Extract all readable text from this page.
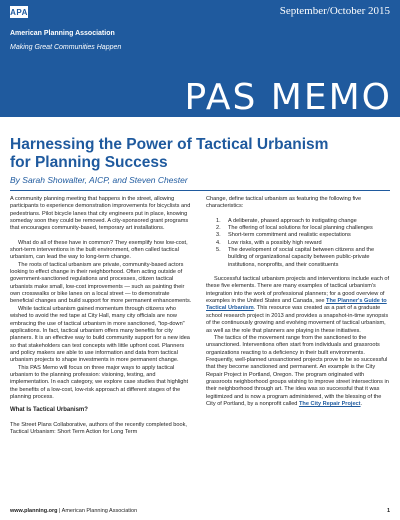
APA	September/October 2015
American Planning Association
Making Great Communities Happen
PAS MEMO
Harnessing the Power of Tactical Urbanism
for Planning Success
By Sarah Showalter, AICP, and Steven Chester

A community planning meeting that happens in the street, allowing participants to experience demonstration improvements for bicyclists and pedestrians. Pilot bicycle lanes that city engineers put in place, knowing someday soon they could be removed. A city-sponsored grant programs that encourages community-based, temporary art installations.

What do all of these have in common? They exemplify how low-cost, short-term interventions in the built environment, often called tactical urbanism, can lead the way to long-term change.

The roots of tactical urbanism are private, community-based actors looking to effect change in their neighborhood. Often acting outside of government-sanctioned regulations and processes, citizen tactical urbanists make small, low-cost improvements — such as painting their own crosswalks or bike lanes on a local street — to demonstrate beneficial changes and build support for more permanent enhancements.

While tactical urbanism gained momentum through citizens who wished to avoid the red tape at City Hall, many city officials are now embracing the use of tactical urbanism in more sanctioned, "top-down" applications. In fact, tactical urbanism offers many benefits for city planners. It is an effective way to build community support for a new idea so that stakeholders can test concepts with little upfront cost. Planners and policy makers are able to use information and data from tactical urbanism projects to shape investments in more permanent change.

This PAS Memo will focus on three major ways to apply tactical urbanism to the planning profession: visioning, testing, and implementation. In each category, we explore case studies that highlight the benefits of a low-cost, low-risk approach at different stages of the planning process.

What Is Tactical Urbanism?

The Street Plans Collaborative, authors of the recently completed book, Tactical Urbanism: Short Term Action for Long Term

Change, define tactical urbanism as featuring the following five characteristics:

1.	A deliberate, phased approach to instigating change
2.	The offering of local solutions for local planning challenges
3.	Short-term commitment and realistic expectations
4.	Low risks, with a possibly high reward
5.	The development of social capital between citizens and the building of organizational capacity between public-private institutions, nonprofits, and their constituents

Successful tactical urbanism projects and interventions include each of these five elements. There are many examples of tactical urbanism's integration into the work of professional planners; for a good overview of examples in the United States and Canada, see The Planner's Guide to Tactical Urbanism. This resource was created as a part of a graduate school research project in 2013 and provides a snapshot-in-time synopsis of the continuously growing and evolving movement of tactical urbanism, as well as the role that planners are playing in these initiatives.

The tactics of the movement range from the sanctioned to the unsanctioned. Interventions often start from individuals and grassroots organizations reacting to a deficiency in their built environments. Frequently, well-planned unsanctioned projects prove to be so successful that they become sanctioned and permanent. An example is the City Repair Project in Portland, Oregon. The program originated with grassroots neighborhood groups wishing to improve street intersections in their neighborhood through art. The idea was so successful that it was legitimized and is now a program administered, with the blessing of the City of Portland, by a nonprofit called The City Repair Project.

www.planning.org | American Planning Association	1
